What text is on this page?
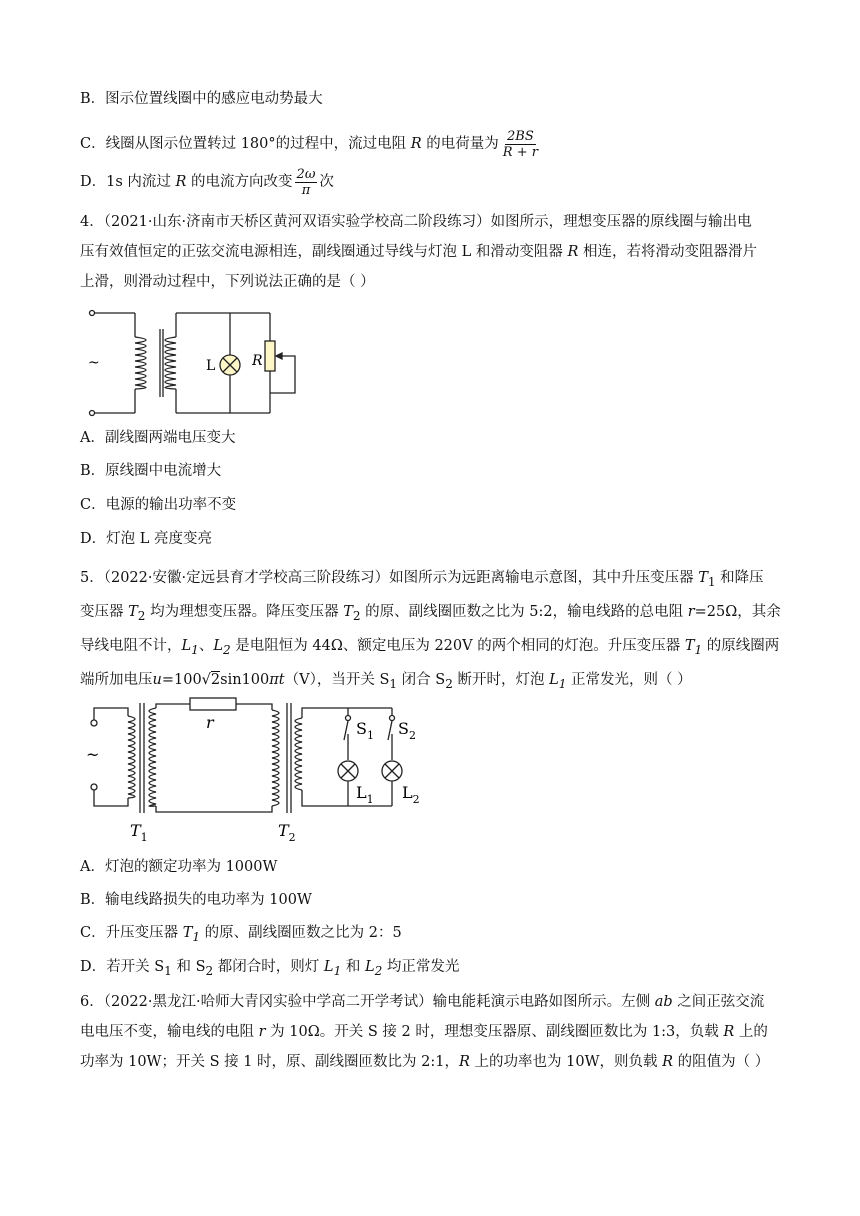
B．图示位置线圈中的感应电动势最大
C．线圈从图示位置转过 180°的过程中，流过电阻 R 的电荷量为 $\frac{2BS}{R + r}$
D．1s 内流过 R 的电流方向改变 $\frac{2\omega}{\pi}$ 次
4．（2021·山东·济南市天桥区黄河双语实验学校高二阶段练习）如图所示，理想变压器的原线圈与输出电
压有效值恒定的正弦交流电源相连，副线圈通过导线与灯泡 L 和滑动变阻器 R 相连，若将滑动变阻器滑片
上滑，则滑动过程中，下列说法正确的是（ ）
~	L	R
A．副线圈两端电压变大
B．原线圈中电流增大
C．电源的输出功率不变
D．灯泡 L 亮度变亮
5．（2022·安徽·定远县育才学校高三阶段练习）如图所示为远距离输电示意图，其中升压变压器 $T_1$ 和降压
变压器 $T_2$ 均为理想变压器。降压变压器 $T_2$ 的原、副线圈匝数之比为 5:2，输电线路的总电阻 r=25Ω，其余
导线电阻不计，$L_1$、$L_2$ 是电阻恒为 44Ω、额定电压为 220V 的两个相同的灯泡。升压变压器 $T_1$ 的原线圈两
端所加电压u=100√2sin100πt（V），当开关 $S_1$ 闭合 $S_2$ 断开时，灯泡 $L_1$ 正常发光，则（ ）
~
r
$T_1$	$T_2$
$S_1$ $S_2$
$L_1$ $L_2$
A．灯泡的额定功率为 1000W
B．输电线路损失的电功率为 100W
C．升压变压器 $T_1$ 的原、副线圈匝数之比为 2：5
D．若开关 $S_1$ 和 $S_2$ 都闭合时，则灯 $L_1$ 和 $L_2$ 均正常发光
6．（2022·黑龙江·哈师大青冈实验中学高二开学考试）输电能耗演示电路如图所示。左侧 ab 之间正弦交流
电电压不变，输电线的电阻 r 为 10Ω。开关 S 接 2 时，理想变压器原、副线圈匝数比为 1:3，负载 R 上的
功率为 10W；开关 S 接 1 时，原、副线圈匝数比为 2:1，R 上的功率也为 10W，则负载 R 的阻值为（ ）
